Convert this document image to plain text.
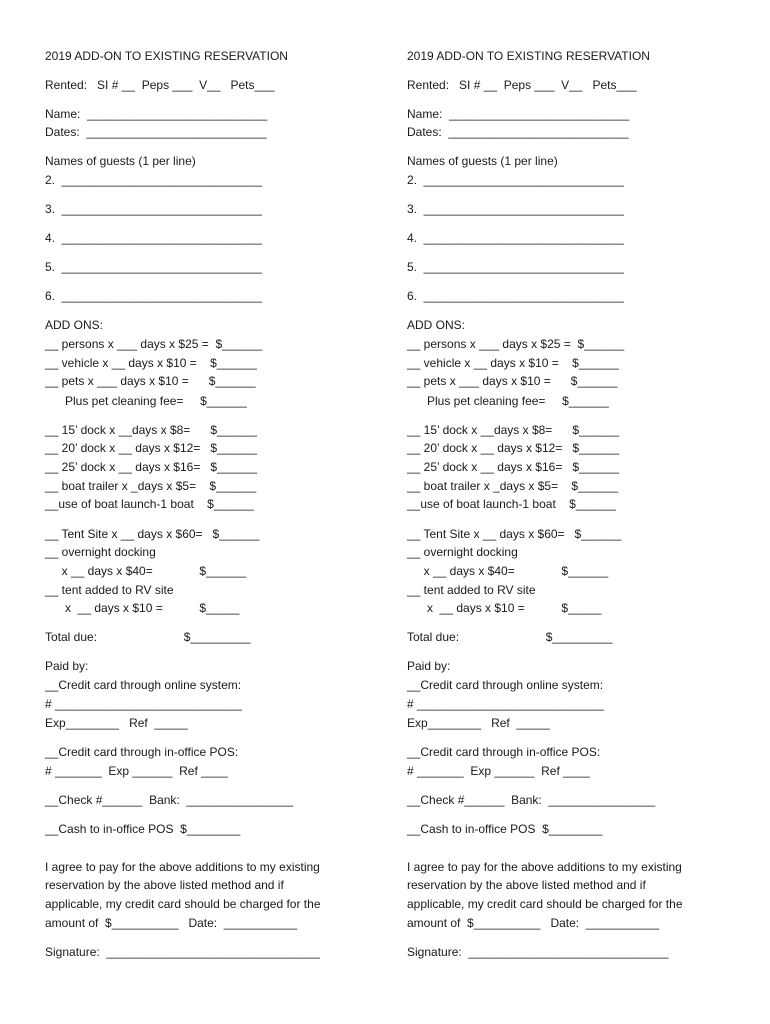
2019 ADD-ON TO EXISTING RESERVATION
Rented:   SI # __  Peps ___  V__   Pets___
Name:  ___________________________
Dates:  ___________________________
Names of guests (1 per line)
2.  ______________________________
3.  ______________________________
4.  ______________________________
5.  ______________________________
6.  ______________________________
ADD ONS:
__ persons x ___ days x $25 =  $______
__ vehicle x __ days x $10 =    $______
__ pets x ___ days x $10 =      $______
Plus pet cleaning fee=     $______
__ 15’ dock x __days x $8=      $______
__ 20’ dock x __ days x $12=   $______
__ 25’ dock x __ days x $16=   $______
__ boat trailer x _days x $5=    $______
__use of boat launch-1 boat    $______
__ Tent Site x __ days x $60=   $______
__ overnight docking
x __ days x $40=              $______
__ tent added to RV site
x  __ days x $10 =           $_____
Total due:                          $_________
Paid by:
__Credit card through online system:
# ____________________________
Exp________   Ref  _____
__Credit card through in-office POS:
# _______  Exp ______  Ref ____
__Check #______  Bank:  ________________
__Cash to in-office POS  $________
I agree to pay for the above additions to my existing
reservation by the above listed method and if
applicable, my credit card should be charged for the
amount of  $__________   Date:  ___________
Signature:  ________________________________
2019 ADD-ON TO EXISTING RESERVATION
Rented:   SI # __  Peps ___  V__   Pets___
Name:  ___________________________
Dates:  ___________________________
Names of guests (1 per line)
2.  ______________________________
3.  ______________________________
4.  ______________________________
5.  ______________________________
6.  ______________________________
ADD ONS:
__ persons x ___ days x $25 =  $______
__ vehicle x __ days x $10 =    $______
__ pets x ___ days x $10 =      $______
Plus pet cleaning fee=     $______
__ 15’ dock x __days x $8=      $______
__ 20’ dock x __ days x $12=   $______
__ 25’ dock x __ days x $16=   $______
__ boat trailer x _days x $5=    $______
__use of boat launch-1 boat    $______
__ Tent Site x __ days x $60=   $______
__ overnight docking
x __ days x $40=              $______
__ tent added to RV site
x  __ days x $10 =           $_____
Total due:                          $_________
Paid by:
__Credit card through online system:
# ____________________________
Exp________   Ref  _____
__Credit card through in-office POS:
# _______  Exp ______  Ref ____
__Check #______  Bank:  ________________
__Cash to in-office POS  $________
I agree to pay for the above additions to my existing
reservation by the above listed method and if
applicable, my credit card should be charged for the
amount of  $__________   Date:  ___________
Signature:  ______________________________
